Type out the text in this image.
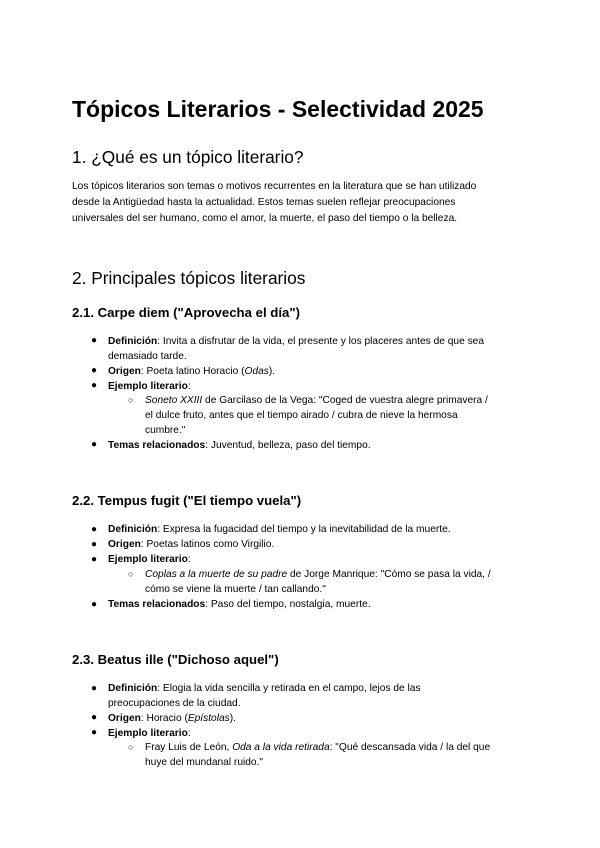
Tópicos Literarios - Selectividad 2025
1. ¿Qué es un tópico literario?
Los tópicos literarios son temas o motivos recurrentes en la literatura que se han utilizado
desde la Antigüedad hasta la actualidad. Estos temas suelen reflejar preocupaciones
universales del ser humano, como el amor, la muerte, el paso del tiempo o la belleza.
2. Principales tópicos literarios
2.1. Carpe diem ("Aprovecha el día")
● Definición: Invita a disfrutar de la vida, el presente y los placeres antes de que sea
demasiado tarde.
● Origen: Poeta latino Horacio (Odas).
● Ejemplo literario:
○ Soneto XXIII de Garcilaso de la Vega: "Coged de vuestra alegre primavera /
el dulce fruto, antes que el tiempo airado / cubra de nieve la hermosa
cumbre."
● Temas relacionados: Juventud, belleza, paso del tiempo.
2.2. Tempus fugit ("El tiempo vuela")
● Definición: Expresa la fugacidad del tiempo y la inevitabilidad de la muerte.
● Origen: Poetas latinos como Virgilio.
● Ejemplo literario:
○ Coplas a la muerte de su padre de Jorge Manrique: "Cómo se pasa la vida, /
cómo se viene la muerte / tan callando."
● Temas relacionados: Paso del tiempo, nostalgia, muerte.
2.3. Beatus ille ("Dichoso aquel")
● Definición: Elogia la vida sencilla y retirada en el campo, lejos de las
preocupaciones de la ciudad.
● Origen: Horacio (Epístolas).
● Ejemplo literario:
○ Fray Luis de León, Oda a la vida retirada: "Qué descansada vida / la del que
huye del mundanal ruido."
